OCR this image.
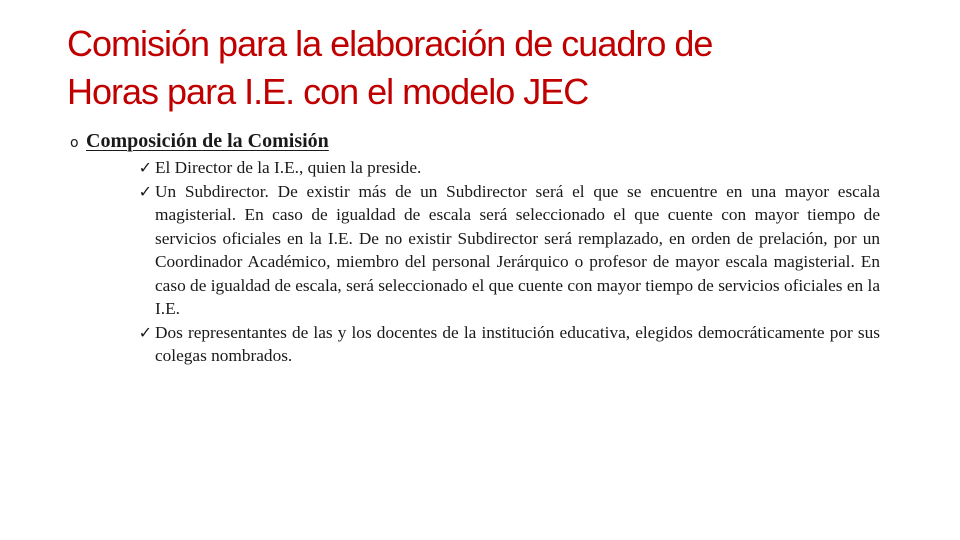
Comisión para la elaboración de cuadro de
Horas para I.E. con el modelo JEC
o Composición de la Comisión
✓ El Director de la I.E., quien la preside.
✓ Un Subdirector. De existir más de un Subdirector será el que se encuentre en una mayor escala magisterial. En caso de igualdad de escala será seleccionado el que cuente con mayor tiempo de servicios oficiales en la I.E. De no existir Subdirector será remplazado, en orden de prelación, por un Coordinador Académico, miembro del personal Jerárquico o profesor de mayor escala magisterial. En caso de igualdad de escala, será seleccionado el que cuente con mayor tiempo de servicios oficiales en la I.E.
✓ Dos representantes de las y los docentes de la institución educativa, elegidos democráticamente por sus colegas nombrados.
